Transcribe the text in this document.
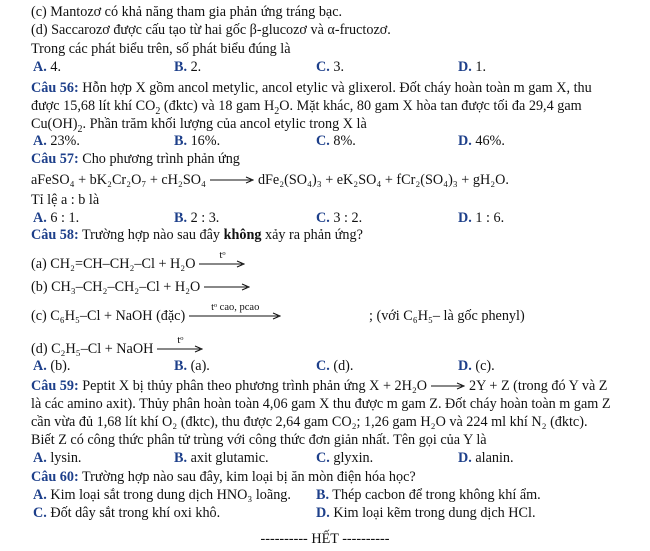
(c) Mantozơ có khả năng tham gia phản ứng tráng bạc.
(d) Saccarozơ được cấu tạo từ hai gốc β-glucozơ và α-fructozơ.
Trong các phát biểu trên, số phát biểu đúng là
A. 4.	B. 2.	C. 3.	D. 1.
Câu 56: Hỗn hợp X gồm ancol metylic, ancol etylic và glixerol. Đốt cháy hoàn toàn m gam X, thu
được 15,68 lít khí $CO_2$ (đktc) và 18 gam $H_2O$. Mặt khác, 80 gam X hòa tan được tối đa 29,4 gam
$Cu(OH)_2$. Phần trăm khối lượng của ancol etylic trong X là
A. 23%.	B. 16%.	C. 8%.	D. 46%.
Câu 57: Cho phương trình phản ứng
aFeSO₄ + bK₂Cr₂O₇ + cH₂SO₄ → dFe₂(SO₄)₃ + eK₂SO₄ + fCr₂(SO₄)₃ + gH₂O.
Tỉ lệ a : b là
A. 6 : 1.	B. 2 : 3.	C. 3 : 2.	D. 1 : 6.
Câu 58: Trường hợp nào sau đây không xảy ra phản ứng?
(a) CH₂=CH–CH₂–Cl + H₂O
tᵒ
(b) CH₃–CH₂–CH₂–Cl + H₂O →
(c) C₆H₅–Cl + NaOH (đặc)
tᵒ cao, pcao
; (với C₆H₅– là gốc phenyl)
(d) C₂H₅–Cl + NaOH
tᵒ
A. (b).	B. (a).	C. (d).	D. (c).
Câu 59: Peptit X bị thủy phân theo phương trình phản ứng X + 2H₂O → 2Y + Z (trong đó Y và Z
là các amino axit). Thủy phân hoàn toàn 4,06 gam X thu được m gam Z. Đốt cháy hoàn toàn m gam Z
cần vừa đủ 1,68 lít khí O₂ (đktc), thu được 2,64 gam CO₂; 1,26 gam H₂O và 224 ml khí N₂ (đktc).
Biết Z có công thức phân tử trùng với công thức đơn giản nhất. Tên gọi của Y là
A. lysin.	B. axit glutamic.	C. glyxin.	D. alanin.
Câu 60: Trường hợp nào sau đây, kim loại bị ăn mòn điện hóa học?
A. Kim loại sắt trong dung dịch HNO₃ loãng. B. Thép cacbon để trong không khí ẩm.
C. Đốt dây sắt trong khí oxi khô.	D. Kim loại kẽm trong dung dịch HCl.
---------- HẾT ----------
